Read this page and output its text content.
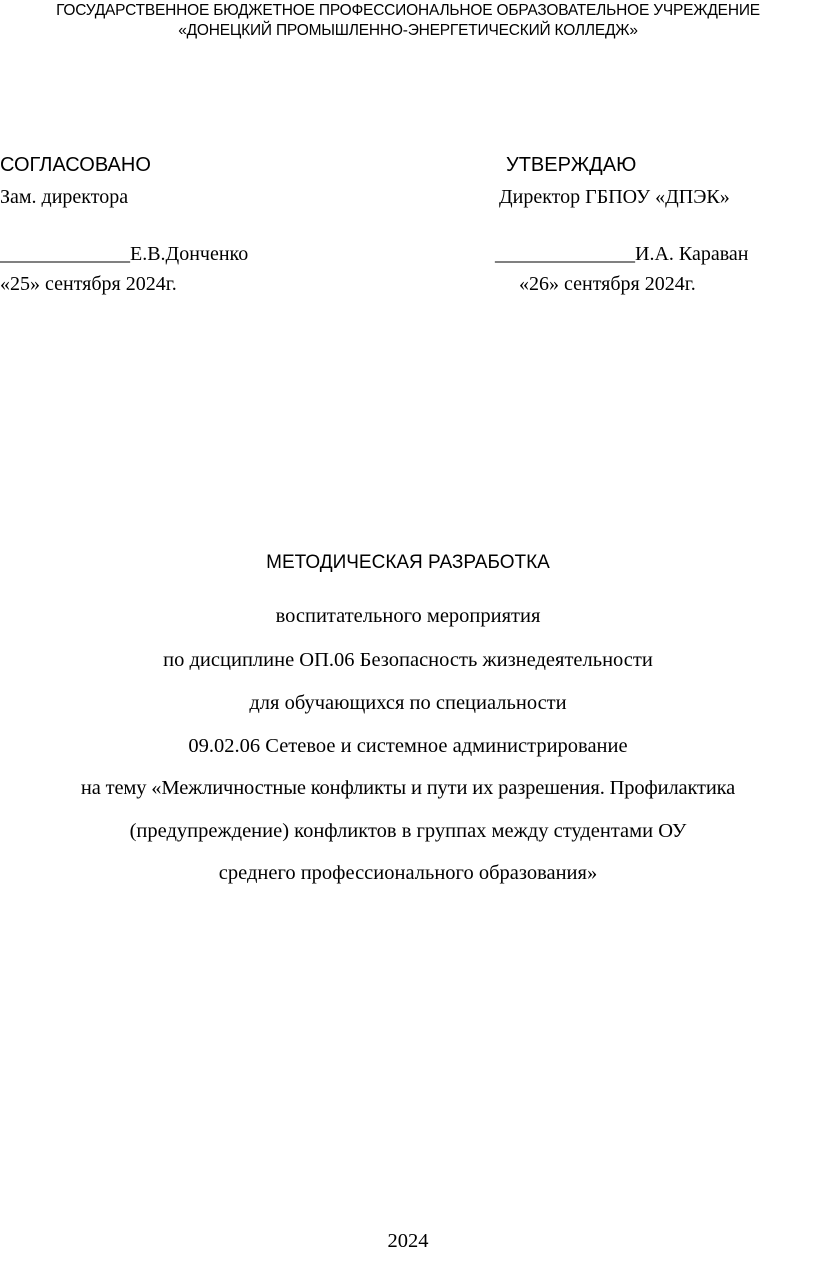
ГОСУДАРСТВЕННОЕ БЮДЖЕТНОЕ ПРОФЕССИОНАЛЬНОЕ ОБРАЗОВАТЕЛЬНОЕ УЧРЕЖДЕНИЕ
«ДОНЕЦКИЙ ПРОМЫШЛЕННО-ЭНЕРГЕТИЧЕСКИЙ КОЛЛЕДЖ»
СОГЛАСОВАНО
Зам. директора
_____________Е.В.Донченко
«25» сентября 2024г.
УТВЕРЖДАЮ
Директор ГБПОУ «ДПЭК»
______________И.А. Караван
«26» сентября 2024г.
МЕТОДИЧЕСКАЯ РАЗРАБОТКА
воспитательного мероприятия
по дисциплине ОП.06 Безопасность жизнедеятельности
для обучающихся по специальности
09.02.06 Сетевое и системное администрирование
на тему «Межличностные конфликты и пути их разрешения. Профилактика
(предупреждение) конфликтов в группах между студентами ОУ
среднего профессионального образования»
2024
